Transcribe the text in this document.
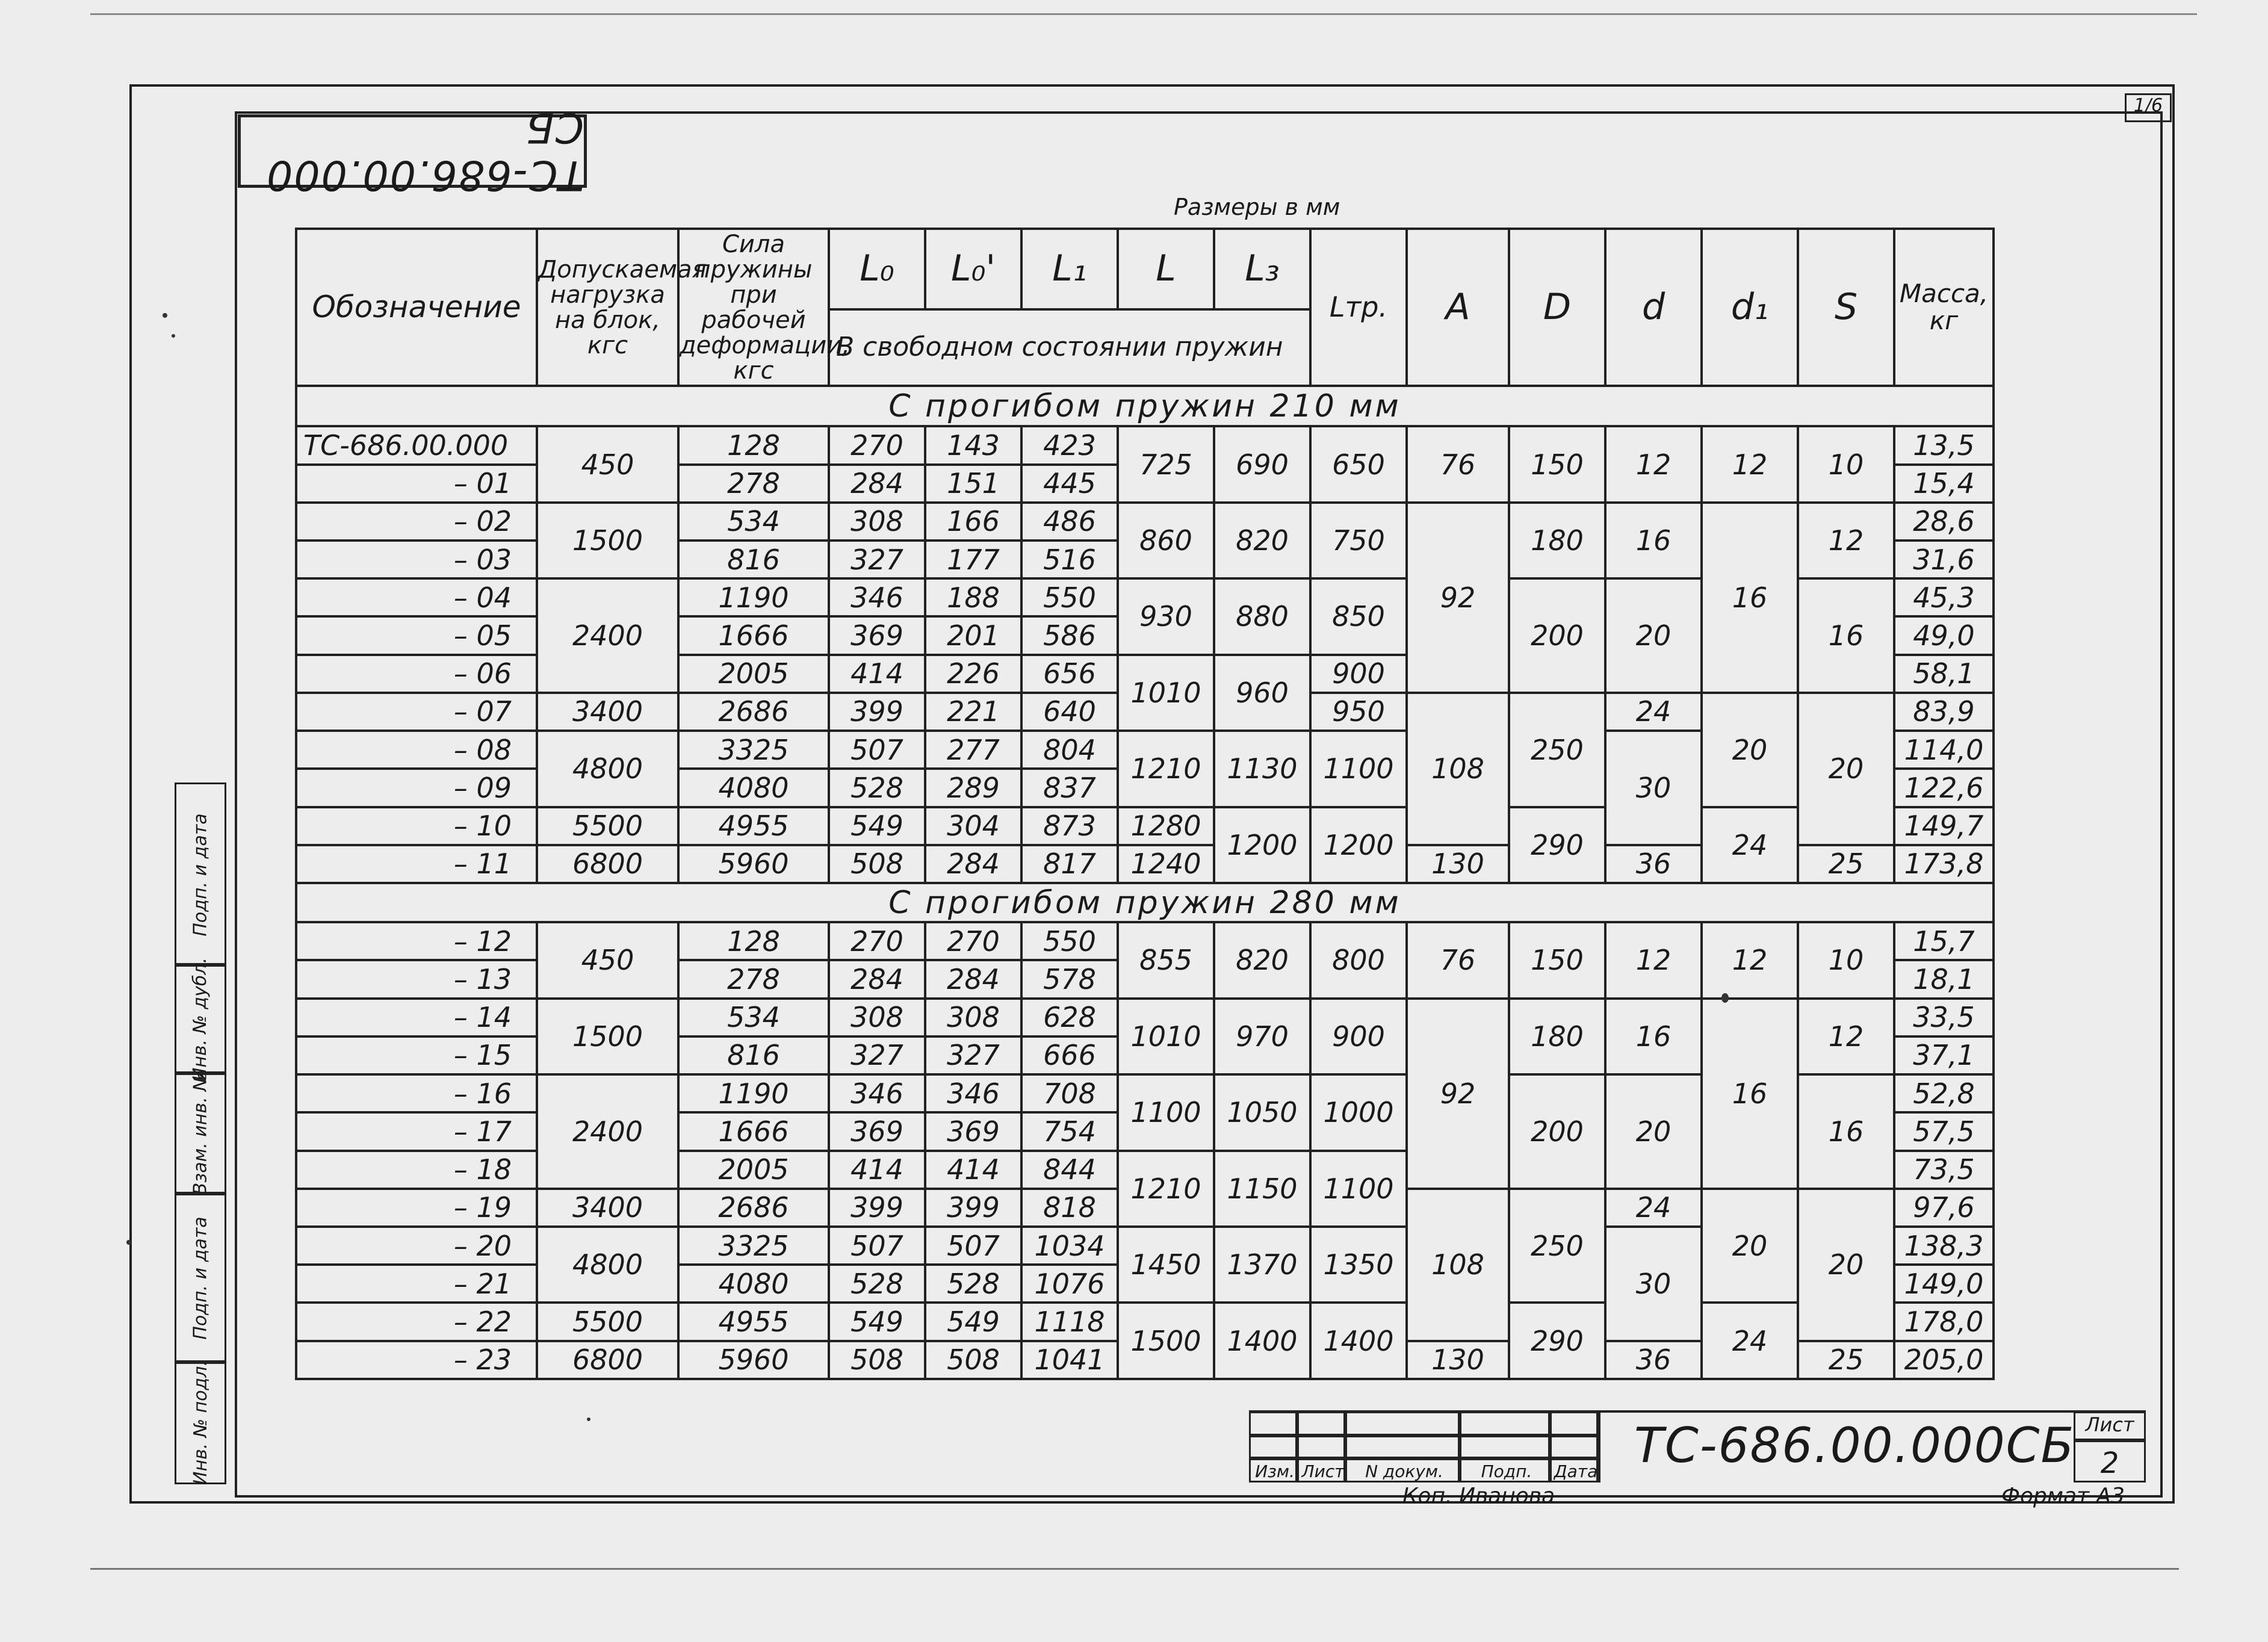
ТС-686.00.000 СБ	1/6
Размеры в мм
Обозначение	Допускаемая нагрузка на блок, кгс	Сила пружины при рабочей деформации, кгс	L₀	L₀'	L₁	L	L₃	Lтр.	A	D	d	d₁	S	Масса, кг
			В свободном состоянии пружин											
С прогибом пружин 210 мм														
ТС-686.00.000	450	128	270	143	423	725	690	650	76	150	12	12	10	13,5
– 01		278	284	151	445									15,4
– 02	1500	534	308	166	486	860	820	750	92	180	16	16	12	28,6
– 03		816	327	177	516									31,6
– 04	2400	1190	346	188	550	930	880	850		200	20		16	45,3
– 05		1666	369	201	586									49,0
– 06		2005	414	226	656	1010	960	900						58,1
– 07	3400	2686	399	221	640			950	108	250	24	20	20	83,9
– 08	4800	3325	507	277	804	1210	1130	1100			30			114,0
– 09		4080	528	289	837									122,6
– 10	5500	4955	549	304	873	1280	1200	1200		290		24		149,7
– 11	6800	5960	508	284	817	1240			130		36		25	173,8
С прогибом пружин 280 мм														
– 12	450	128	270	270	550	855	820	800	76	150	12	12	10	15,7
– 13		278	284	284	578									18,1
– 14	1500	534	308	308	628	1010	970	900	92	180	16	16	12	33,5
– 15		816	327	327	666									37,1
– 16	2400	1190	346	346	708	1100	1050	1000		200	20		16	52,8
– 17		1666	369	369	754									57,5
– 18		2005	414	414	844	1210	1150	1100						73,5
– 19	3400	2686	399	399	818				108	250	24	20	20	97,6
– 20	4800	3325	507	507	1034	1450	1370	1350			30			138,3
– 21		4080	528	528	1076									149,0
– 22	5500	4955	549	549	1118	1500	1400	1400		290		24		178,0
– 23	6800	5960	508	508	1041				130		36		25	205,0
Подп. и дата
Инв. № дубл.
Взам. инв. №
Подп. и дата
Инв. № подл.	Изм. Лист	N докум.	Подп.	Дата ТС-686.00.000СБ Лист
2
Коп. Иванова	Формат А3
